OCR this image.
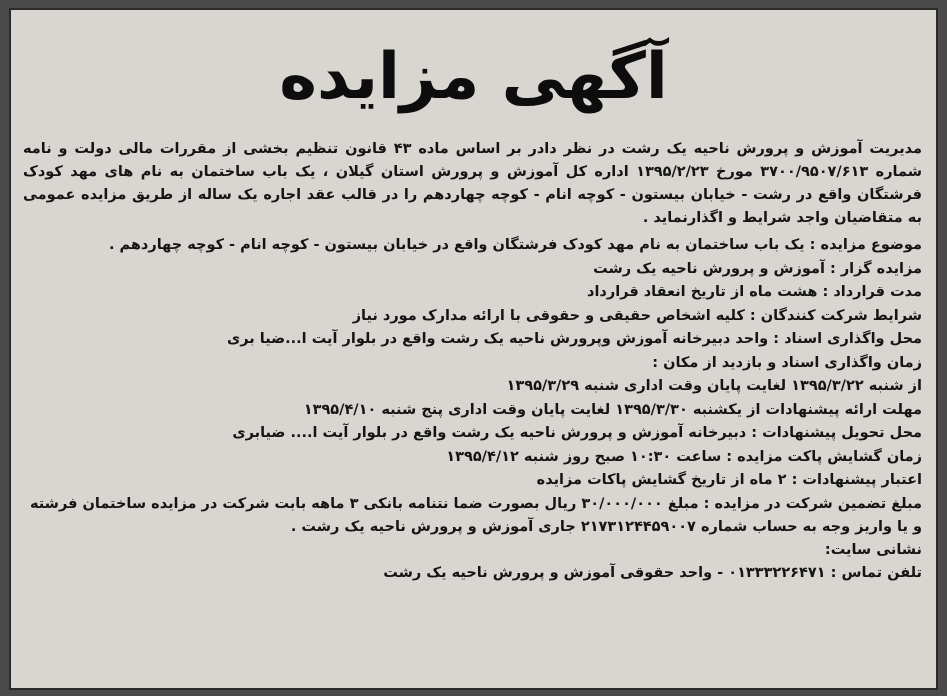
آگهی مزایده

مدیریت آموزش و پرورش ناحیه یک رشت در نظر دادر بر اساس ماده ۴۳ قانون تنظیم بخشی از مقررات مالی دولت و نامه شماره ۳۷۰۰/۹۵۰۷/۶۱۳ مورخ ۱۳۹۵/۲/۲۳ اداره کل آموزش و پرورش استان گیلان ، یک باب ساختمان به نام های مهد کودک فرشتگان واقع در رشت - خیابان بیستون - کوچه انام - کوچه چهاردهم را در قالب عقد اجاره یک ساله از طریق مزایده عمومی به متقاضیان واجد شرایط و اگذارنماید .

موضوع مزایده : یک باب ساختمان به نام مهد کودک فرشتگان واقع در خیابان بیستون - کوچه انام - کوچه چهاردهم .

مزایده گزار : آموزش و پرورش ناحیه یک رشت

مدت قرارداد : هشت ماه از تاریخ انعقاد قرارداد

شرایط شرکت کنندگان : کلیه اشخاص حقیقی و حقوقی با ارائه مدارک مورد نیاز

محل واگذاری اسناد : واحد دبیرخانه آموزش وپرورش ناحیه یک رشت واقع در بلوار آیت ا...ضیا بری

زمان واگذاری اسناد و بازدید از مکان :

از شنبه ۱۳۹۵/۳/۲۲ لغایت پایان وقت اداری شنبه ۱۳۹۵/۳/۲۹

مهلت ارائه پیشنهادات از یکشنبه ۱۳۹۵/۳/۳۰ لغایت پایان وقت اداری پنج شنبه ۱۳۹۵/۴/۱۰

محل تحویل پیشنهادات : دبیرخانه آموزش و پرورش ناحیه یک رشت واقع در بلوار آیت ا.... ضیابری

زمان گشایش پاکت مزایده : ساعت ۱۰:۳۰ صبح روز شنبه ۱۳۹۵/۴/۱۲

اعتبار پیشنهادات : ۲ ماه از تاریخ گشایش پاکات مزایده

مبلغ تضمین شرکت در مزایده : مبلغ ۳۰/۰۰۰/۰۰۰ ریال بصورت ضما نتنامه بانکی ۳ ماهه بابت شرکت در مزایده ساختمان فرشته و یا واریز وجه به حساب شماره ۲۱۷۳۱۲۴۴۵۹۰۰۷ جاری آموزش و پرورش ناحیه یک رشت .

نشانی سایت:

تلفن تماس : ۰۱۳۳۳۲۲۶۴۷۱ - واحد حقوقی آموزش و پرورش ناحیه یک رشت
